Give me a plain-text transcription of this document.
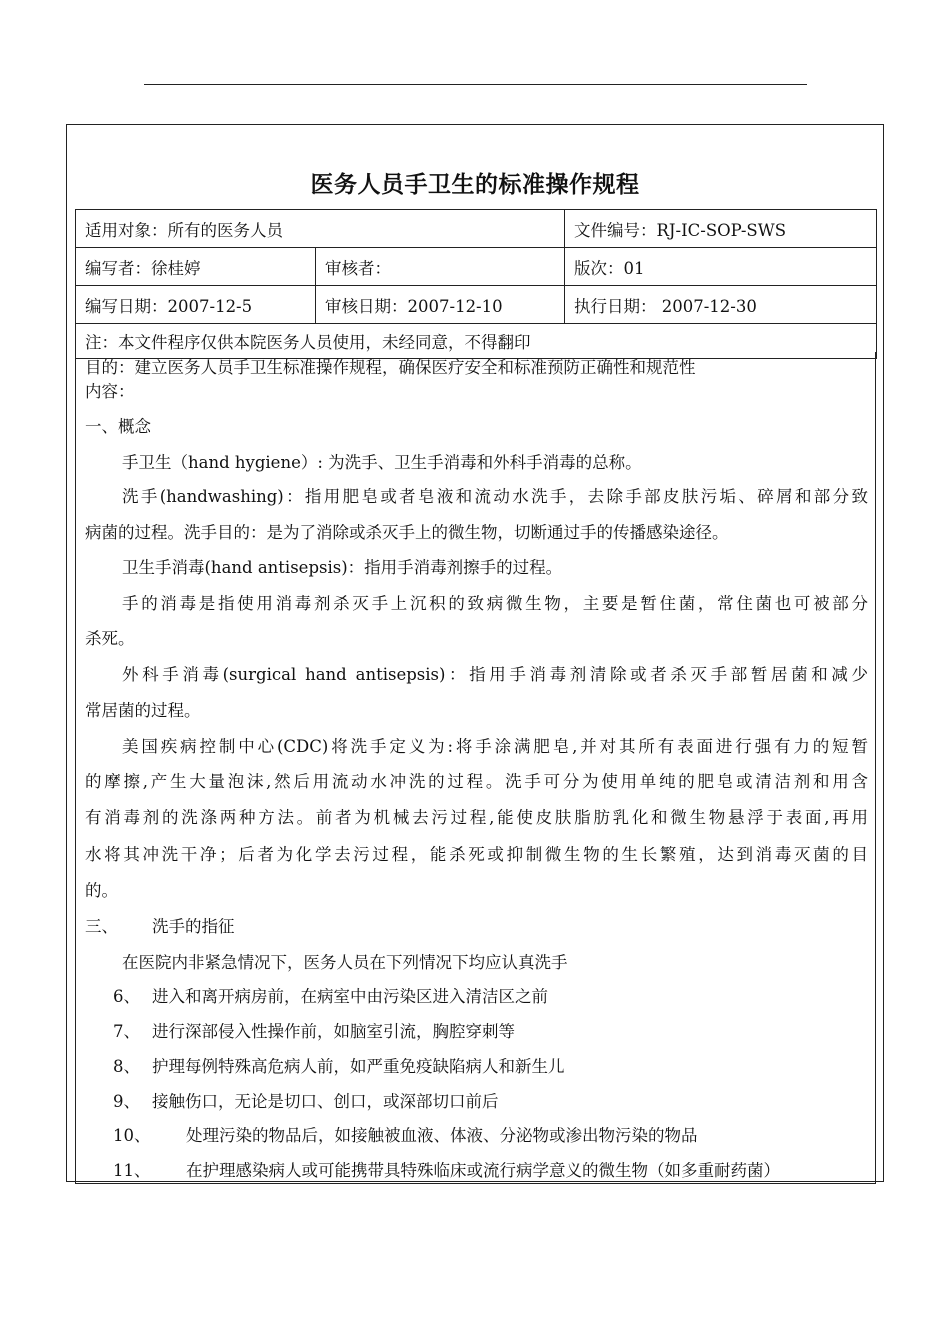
医务人员手卫生的标准操作规程
适用对象：所有的医务人员		文件编号：RJ-IC-SOP-SWS
编写者：徐桂婷	审核者：	版次：01
编写日期：2007-12-5	审核日期：2007-12-10	执行日期： 2007-12-30
注：本文件程序仅供本院医务人员使用，未经同意，不得翻印		
目的：建立医务人员手卫生标准操作规程，确保医疗安全和标准预防正确性和规范性
内容：
一、概念
手卫生（hand hygiene）: 为洗手、卫生手消毒和外科手消毒的总称。
洗手(handwashing)：指用肥皂或者皂液和流动水洗手，去除手部皮肤污垢、碎屑和部分致
病菌的过程。洗手目的：是为了消除或杀灭手上的微生物，切断通过手的传播感染途径。
卫生手消毒(hand antisepsis)：指用手消毒剂擦手的过程。
手的消毒是指使用消毒剂杀灭手上沉积的致病微生物，主要是暂住菌，常住菌也可被部分
杀死。
外科手消毒(surgical hand antisepsis)：指用手消毒剂清除或者杀灭手部暂居菌和减少
常居菌的过程。
美国疾病控制中心(CDC)将洗手定义为:将手涂满肥皂,并对其所有表面进行强有力的短暂
的摩擦,产生大量泡沫,然后用流动水冲洗的过程。洗手可分为使用单纯的肥皂或清洁剂和用含
有消毒剂的洗涤两种方法。前者为机械去污过程,能使皮肤脂肪乳化和微生物悬浮于表面,再用
水将其冲洗干净；后者为化学去污过程，能杀死或抑制微生物的生长繁殖，达到消毒灭菌的目
的。
三、 洗手的指征
在医院内非紧急情况下，医务人员在下列情况下均应认真洗手
6、 进入和离开病房前，在病室中由污染区进入清洁区之前
7、 进行深部侵入性操作前，如脑室引流，胸腔穿刺等
8、 护理每例特殊高危病人前，如严重免疫缺陷病人和新生儿
9、 接触伤口，无论是切口、创口，或深部切口前后
10、 处理污染的物品后，如接触被血液、体液、分泌物或渗出物污染的物品
11、 在护理感染病人或可能携带具特殊临床或流行病学意义的微生物（如多重耐药菌）
